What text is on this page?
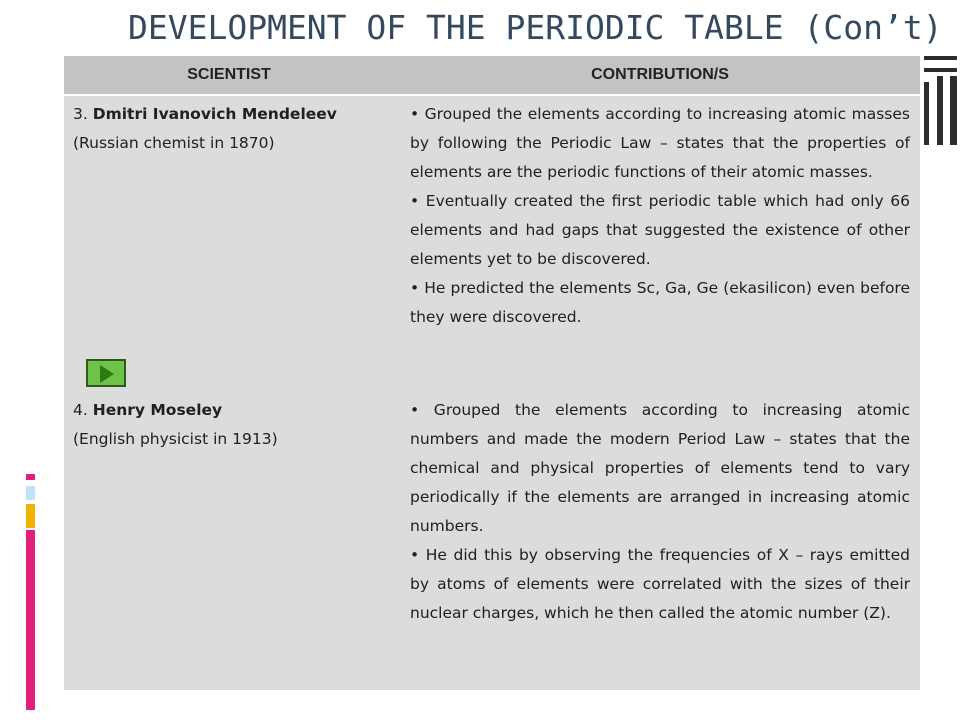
DEVELOPMENT OF THE PERIODIC TABLE (Con’t)
SCIENTIST	CONTRIBUTION/S
3. Dmitri Ivanovich Mendeleev
(Russian chemist in 1870)

• Grouped the elements according to increasing atomic masses by following the Periodic Law – states that the properties of elements are the periodic functions of their atomic masses.

• Eventually created the first periodic table which had only 66 elements and had gaps that suggested the existence of other elements yet to be discovered.

• He predicted the elements Sc, Ga, Ge (ekasilicon) even before they were discovered.

4. Henry Moseley
(English physicist in 1913)

• Grouped the elements according to increasing atomic numbers and made the modern Period Law – states that the chemical and physical properties of elements tend to vary periodically if the elements are arranged in increasing atomic numbers.

• He did this by observing the frequencies of X – rays emitted by atoms of elements were correlated with the sizes of their nuclear charges, which he then called the atomic number (Z).
